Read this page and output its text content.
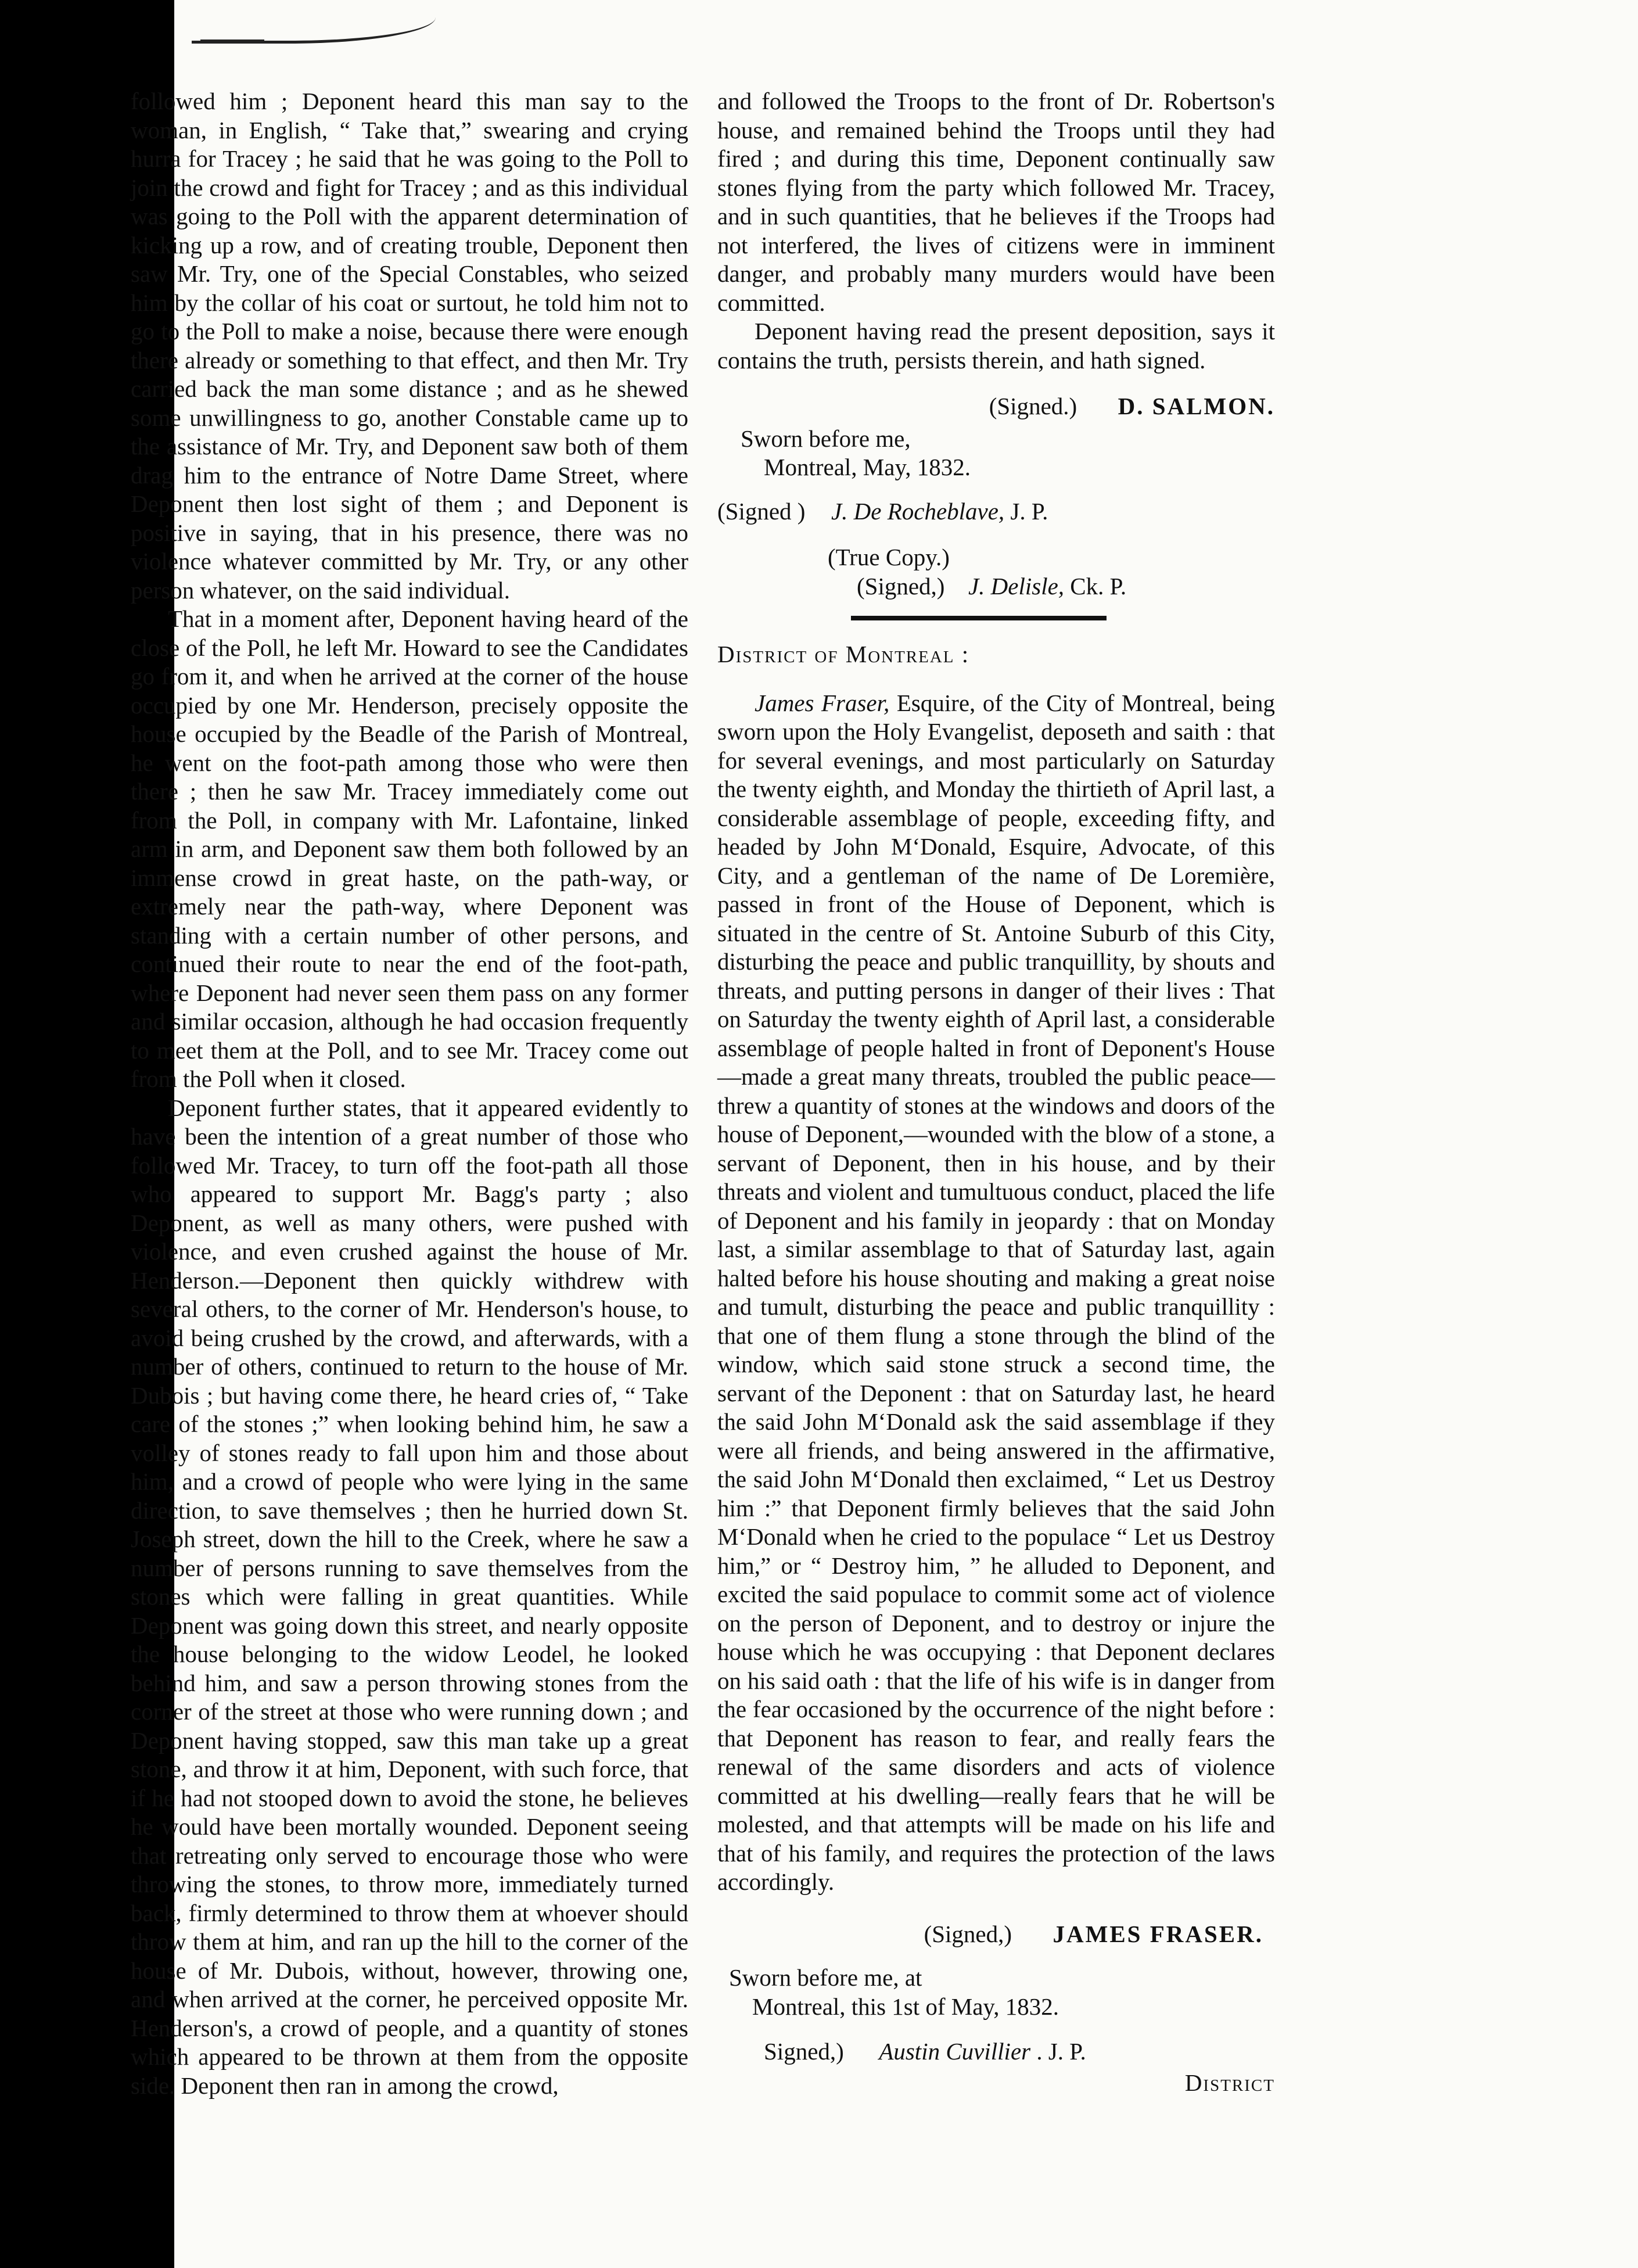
followed him ; Deponent heard this man say to the woman, in English, “ Take that,” swearing and crying hurra for Tracey ; he said that he was going to the Poll to join the crowd and fight for Tracey ; and as this individual was going to the Poll with the apparent determination of kicking up a row, and of creating trouble, Deponent then saw Mr. Try, one of the Special Constables, who seized him by the collar of his coat or surtout, he told him not to go to the Poll to make a noise, because there were enough there already or something to that effect, and then Mr. Try carried back the man some distance ; and as he shewed some unwillingness to go, another Constable came up to the assistance of Mr. Try, and Deponent saw both of them drag him to the entrance of Notre Dame Street, where Deponent then lost sight of them ; and Deponent is positive in saying, that in his presence, there was no violence whatever committed by Mr. Try, or any other person whatever, on the said individual.

That in a moment after, Deponent having heard of the close of the Poll, he left Mr. Howard to see the Candidates go from it, and when he arrived at the corner of the house occupied by one Mr. Henderson, precisely opposite the house occupied by the Beadle of the Parish of Montreal, he went on the foot-path among those who were then there ; then he saw Mr. Tracey immediately come out from the Poll, in company with Mr. Lafontaine, linked arm in arm, and Deponent saw them both followed by an immense crowd in great haste, on the path-way, or extremely near the path-way, where Deponent was standing with a certain number of other persons, and continued their route to near the end of the foot-path, where Deponent had never seen them pass on any former and similar occasion, although he had occasion frequently to meet them at the Poll, and to see Mr. Tracey come out from the Poll when it closed.

Deponent further states, that it appeared evidently to have been the intention of a great number of those who followed Mr. Tracey, to turn off the foot-path all those who appeared to support Mr. Bagg's party ; also Deponent, as well as many others, were pushed with violence, and even crushed against the house of Mr. Henderson.—Deponent then quickly withdrew with several others, to the corner of Mr. Henderson's house, to avoid being crushed by the crowd, and afterwards, with a number of others, continued to return to the house of Mr. Dubois ; but having come there, he heard cries of, “ Take care of the stones ;” when looking behind him, he saw a volley of stones ready to fall upon him and those about him, and a crowd of people who were lying in the same direction, to save themselves ; then he hurried down St. Joseph street, down the hill to the Creek, where he saw a number of persons running to save themselves from the stones which were falling in great quantities. While Deponent was going down this street, and nearly opposite the house belonging to the widow Leodel, he looked behind him, and saw a person throwing stones from the corner of the street at those who were running down ; and Deponent having stopped, saw this man take up a great stone, and throw it at him, Deponent, with such force, that if he had not stooped down to avoid the stone, he believes he would have been mortally wounded. Deponent seeing that retreating only served to encourage those who were throwing the stones, to throw more, immediately turned back, firmly determined to throw them at whoever should throw them at him, and ran up the hill to the corner of the house of Mr. Dubois, without, however, throwing one, and when arrived at the corner, he perceived opposite Mr. Henderson's, a crowd of people, and a quantity of stones which appeared to be thrown at them from the opposite side. Deponent then ran in among the crowd,

and followed the Troops to the front of Dr. Robertson's house, and remained behind the Troops until they had fired ; and during this time, Deponent continually saw stones flying from the party which followed Mr. Tracey, and in such quantities, that he believes if the Troops had not interfered, the lives of citizens were in imminent danger, and probably many murders would have been committed.

Deponent having read the present deposition, says it contains the truth, persists therein, and hath signed.

(Signed.) D. SALMON.
Sworn before me,
Montreal, May, 1832.
(Signed ) J. De Rocheblave, J. P.
(True Copy.)
(Signed,) J. Delisle, Ck. P.
District of Montreal :

James Fraser, Esquire, of the City of Montreal, being sworn upon the Holy Evangelist, deposeth and saith : that for several evenings, and most particularly on Saturday the twenty eighth, and Monday the thirtieth of April last, a considerable assemblage of people, exceeding fifty, and headed by John M‘Donald, Esquire, Advocate, of this City, and a gentleman of the name of De Loremière, passed in front of the House of Deponent, which is situated in the centre of St. Antoine Suburb of this City, disturbing the peace and public tranquillity, by shouts and threats, and putting persons in danger of their lives : That on Saturday the twenty eighth of April last, a considerable assemblage of people halted in front of Deponent's House—made a great many threats, troubled the public peace—threw a quantity of stones at the windows and doors of the house of Deponent,—wounded with the blow of a stone, a servant of Deponent, then in his house, and by their threats and violent and tumultuous conduct, placed the life of Deponent and his family in jeopardy : that on Monday last, a similar assemblage to that of Saturday last, again halted before his house shouting and making a great noise and tumult, disturbing the peace and public tranquillity : that one of them flung a stone through the blind of the window, which said stone struck a second time, the servant of the Deponent : that on Saturday last, he heard the said John M‘Donald ask the said assemblage if they were all friends, and being answered in the affirmative, the said John M‘Donald then exclaimed, “ Let us Destroy him :” that Deponent firmly believes that the said John M‘Donald when he cried to the populace “ Let us Destroy him,” or “ Destroy him, ” he alluded to Deponent, and excited the said populace to commit some act of violence on the person of Deponent, and to destroy or injure the house which he was occupying : that Deponent declares on his said oath : that the life of his wife is in danger from the fear occasioned by the occurrence of the night before : that Deponent has reason to fear, and really fears the renewal of the same disorders and acts of violence committed at his dwelling—really fears that he will be molested, and that attempts will be made on his life and that of his family, and requires the protection of the laws accordingly.

(Signed,) JAMES FRASER.
Sworn before me, at
Montreal, this 1st of May, 1832.
Signed,) Austin Cuvillier . J. P.
District
